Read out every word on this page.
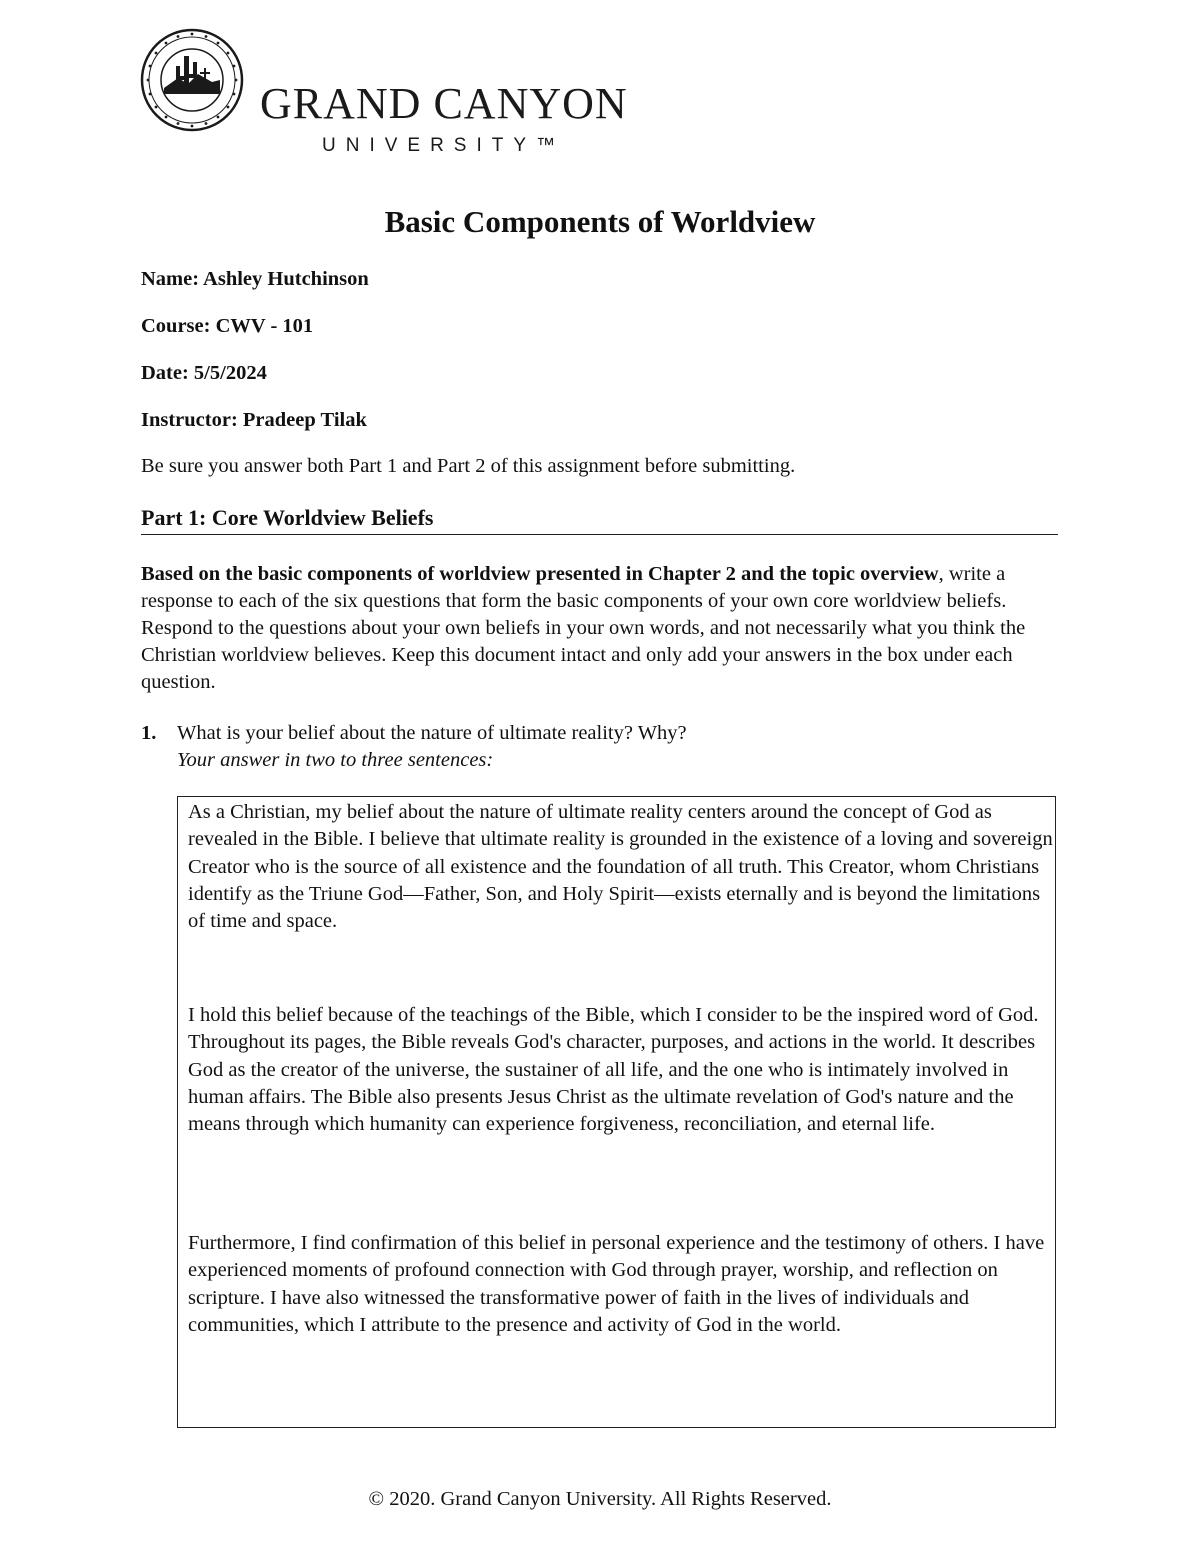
GRAND CANYON
UNIVERSITY™
Basic Components of Worldview
Name: Ashley Hutchinson
Course: CWV - 101
Date: 5/5/2024
Instructor: Pradeep Tilak
Be sure you answer both Part 1 and Part 2 of this assignment before submitting.
Part 1: Core Worldview Beliefs
Based on the basic components of worldview presented in Chapter 2 and the topic overview, write a response to each of the six questions that form the basic components of your own core worldview beliefs. Respond to the questions about your own beliefs in your own words, and not necessarily what you think the Christian worldview believes. Keep this document intact and only add your answers in the box under each question.
1. What is your belief about the nature of ultimate reality? Why?
Your answer in two to three sentences:
As a Christian, my belief about the nature of ultimate reality centers around the concept of God as revealed in the Bible. I believe that ultimate reality is grounded in the existence of a loving and sovereign Creator who is the source of all existence and the foundation of all truth. This Creator, whom Christians identify as the Triune God—Father, Son, and Holy Spirit—exists eternally and is beyond the limitations of time and space.
I hold this belief because of the teachings of the Bible, which I consider to be the inspired word of God. Throughout its pages, the Bible reveals God's character, purposes, and actions in the world. It describes God as the creator of the universe, the sustainer of all life, and the one who is intimately involved in human affairs. The Bible also presents Jesus Christ as the ultimate revelation of God's nature and the means through which humanity can experience forgiveness, reconciliation, and eternal life.
Furthermore, I find confirmation of this belief in personal experience and the testimony of others. I have experienced moments of profound connection with God through prayer, worship, and reflection on scripture. I have also witnessed the transformative power of faith in the lives of individuals and communities, which I attribute to the presence and activity of God in the world.
© 2020. Grand Canyon University. All Rights Reserved.
